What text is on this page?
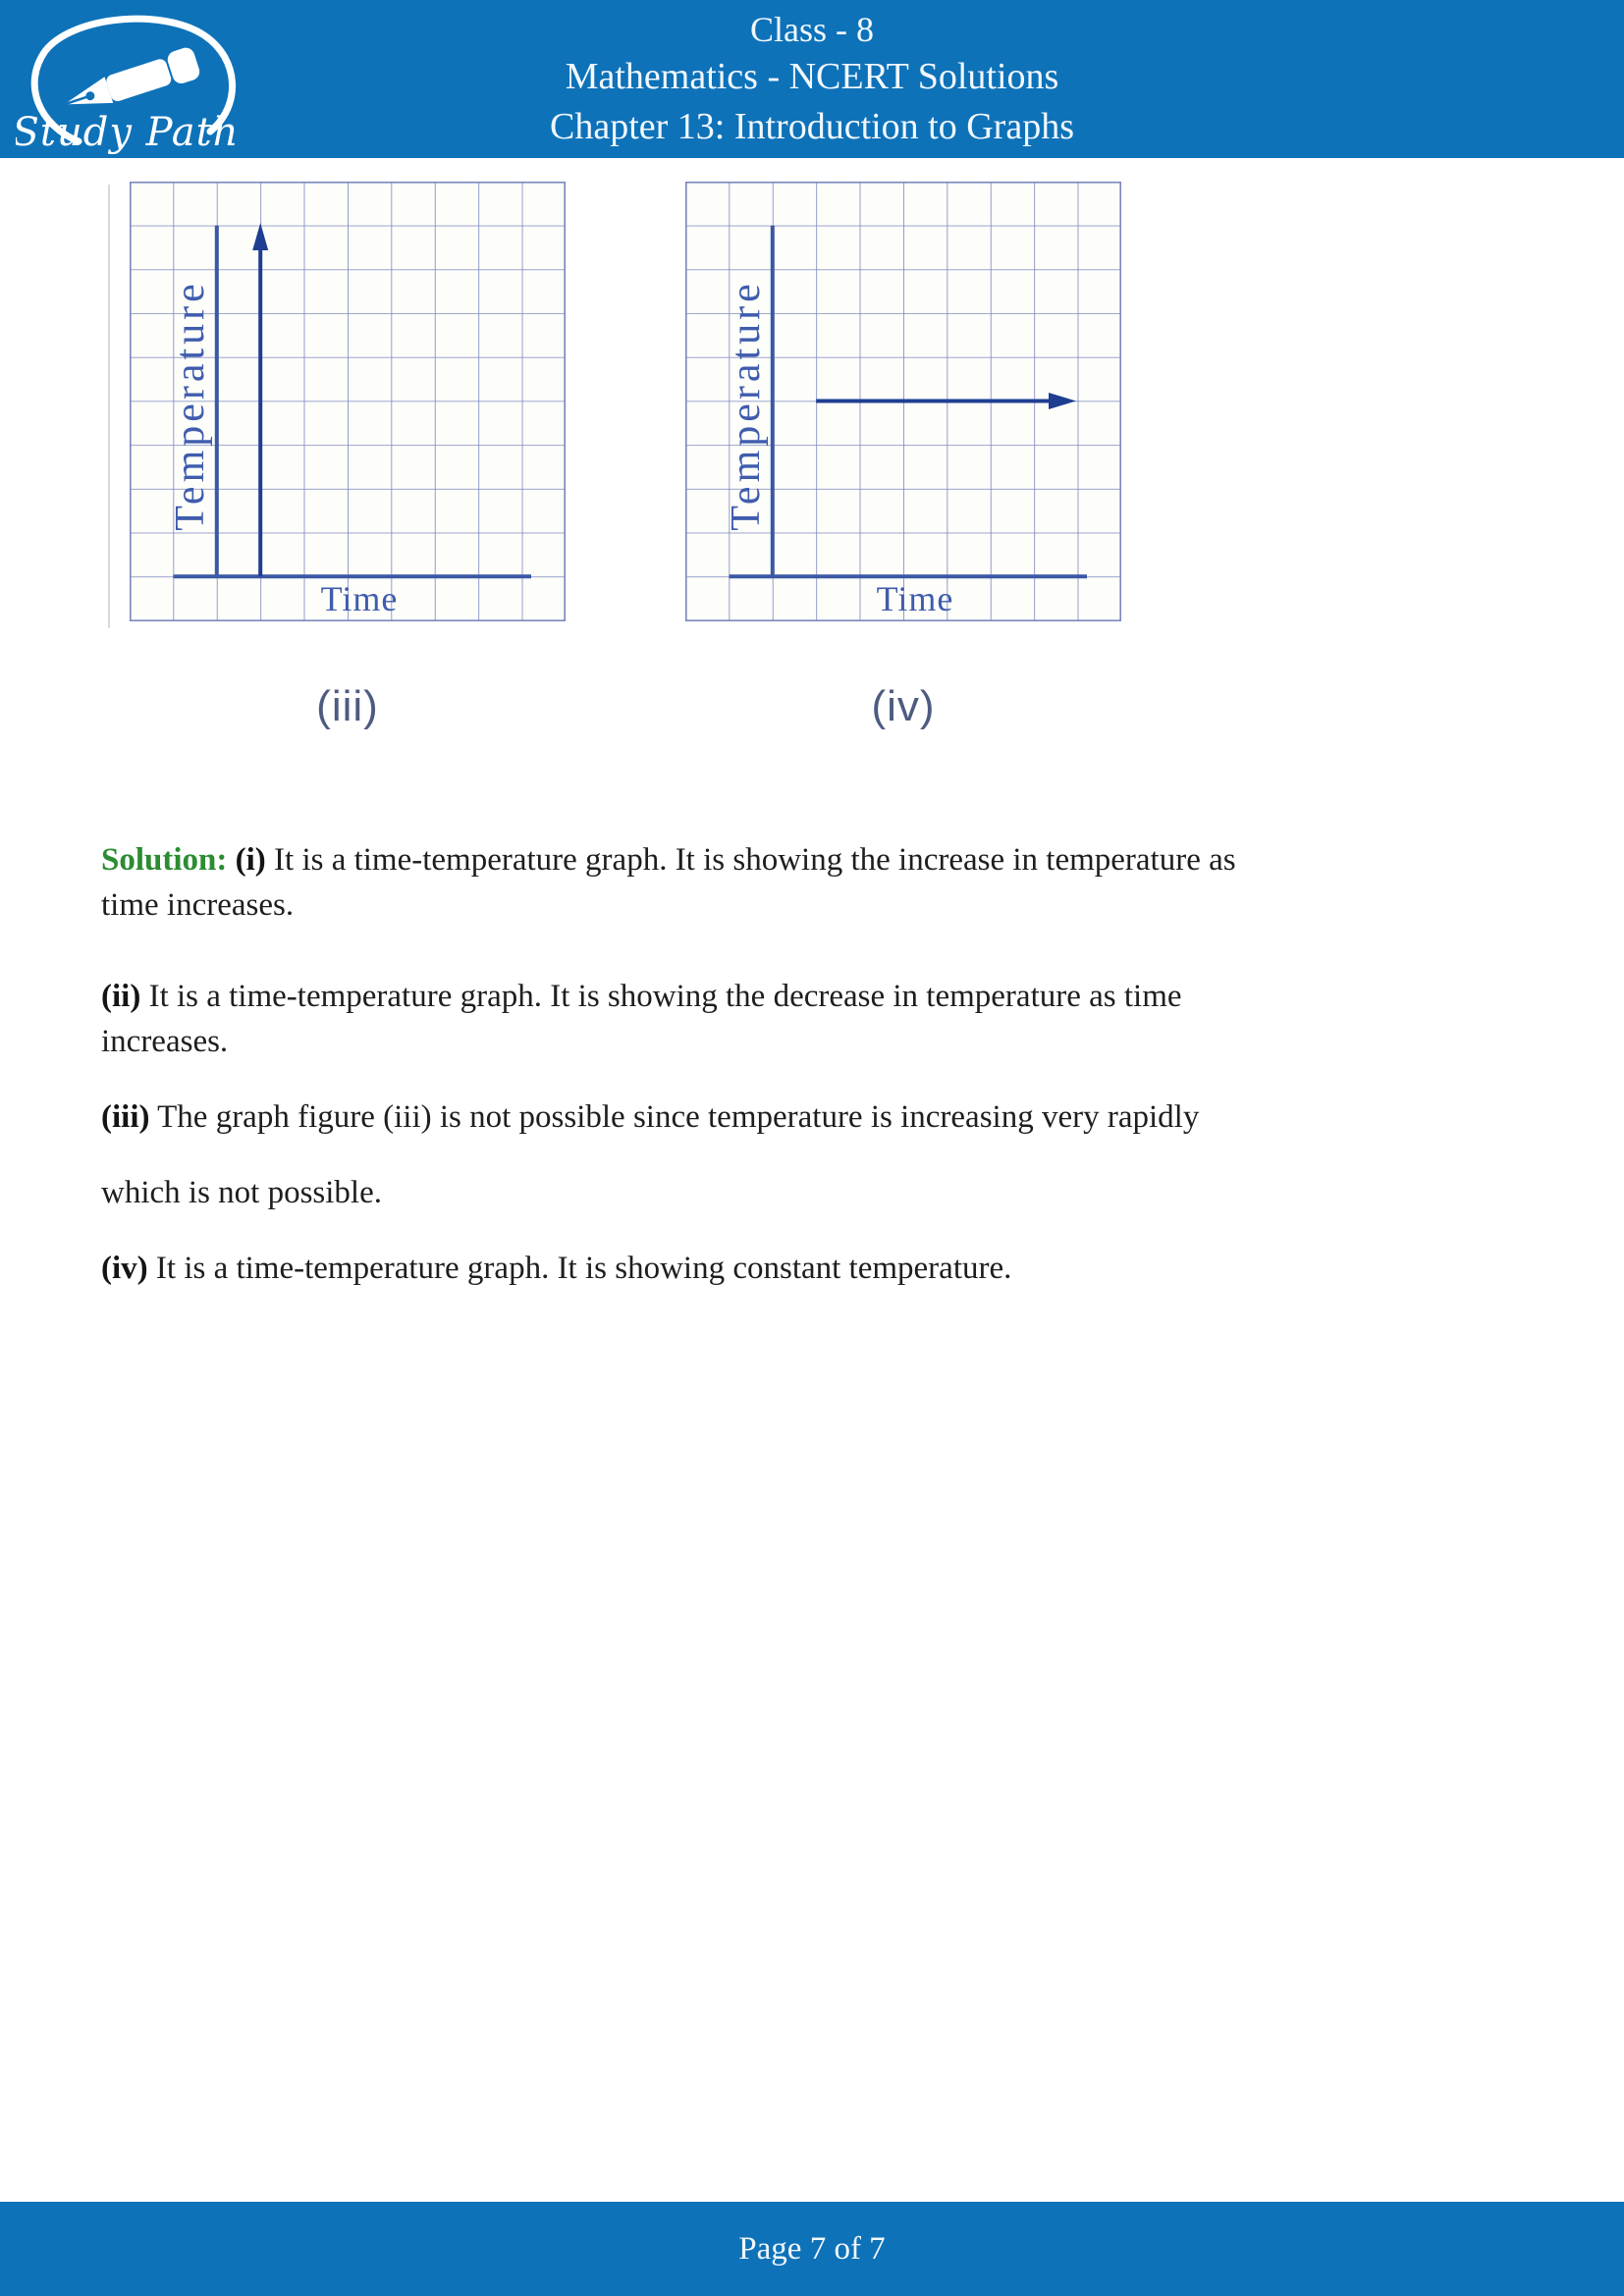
Study Path
Class - 8
Mathematics - NCERT Solutions
Chapter 13: Introduction to Graphs
Temperature
Time
(iii)
Temperature
Time
(iv)

Solution: (i) It is a time-temperature graph. It is showing the increase in temperature as
time increases.

(ii) It is a time-temperature graph. It is showing the decrease in temperature as time
increases.

(iii) The graph figure (iii) is not possible since temperature is increasing very rapidly
which is not possible.

(iv) It is a time-temperature graph. It is showing constant temperature.

Page 7 of 7
